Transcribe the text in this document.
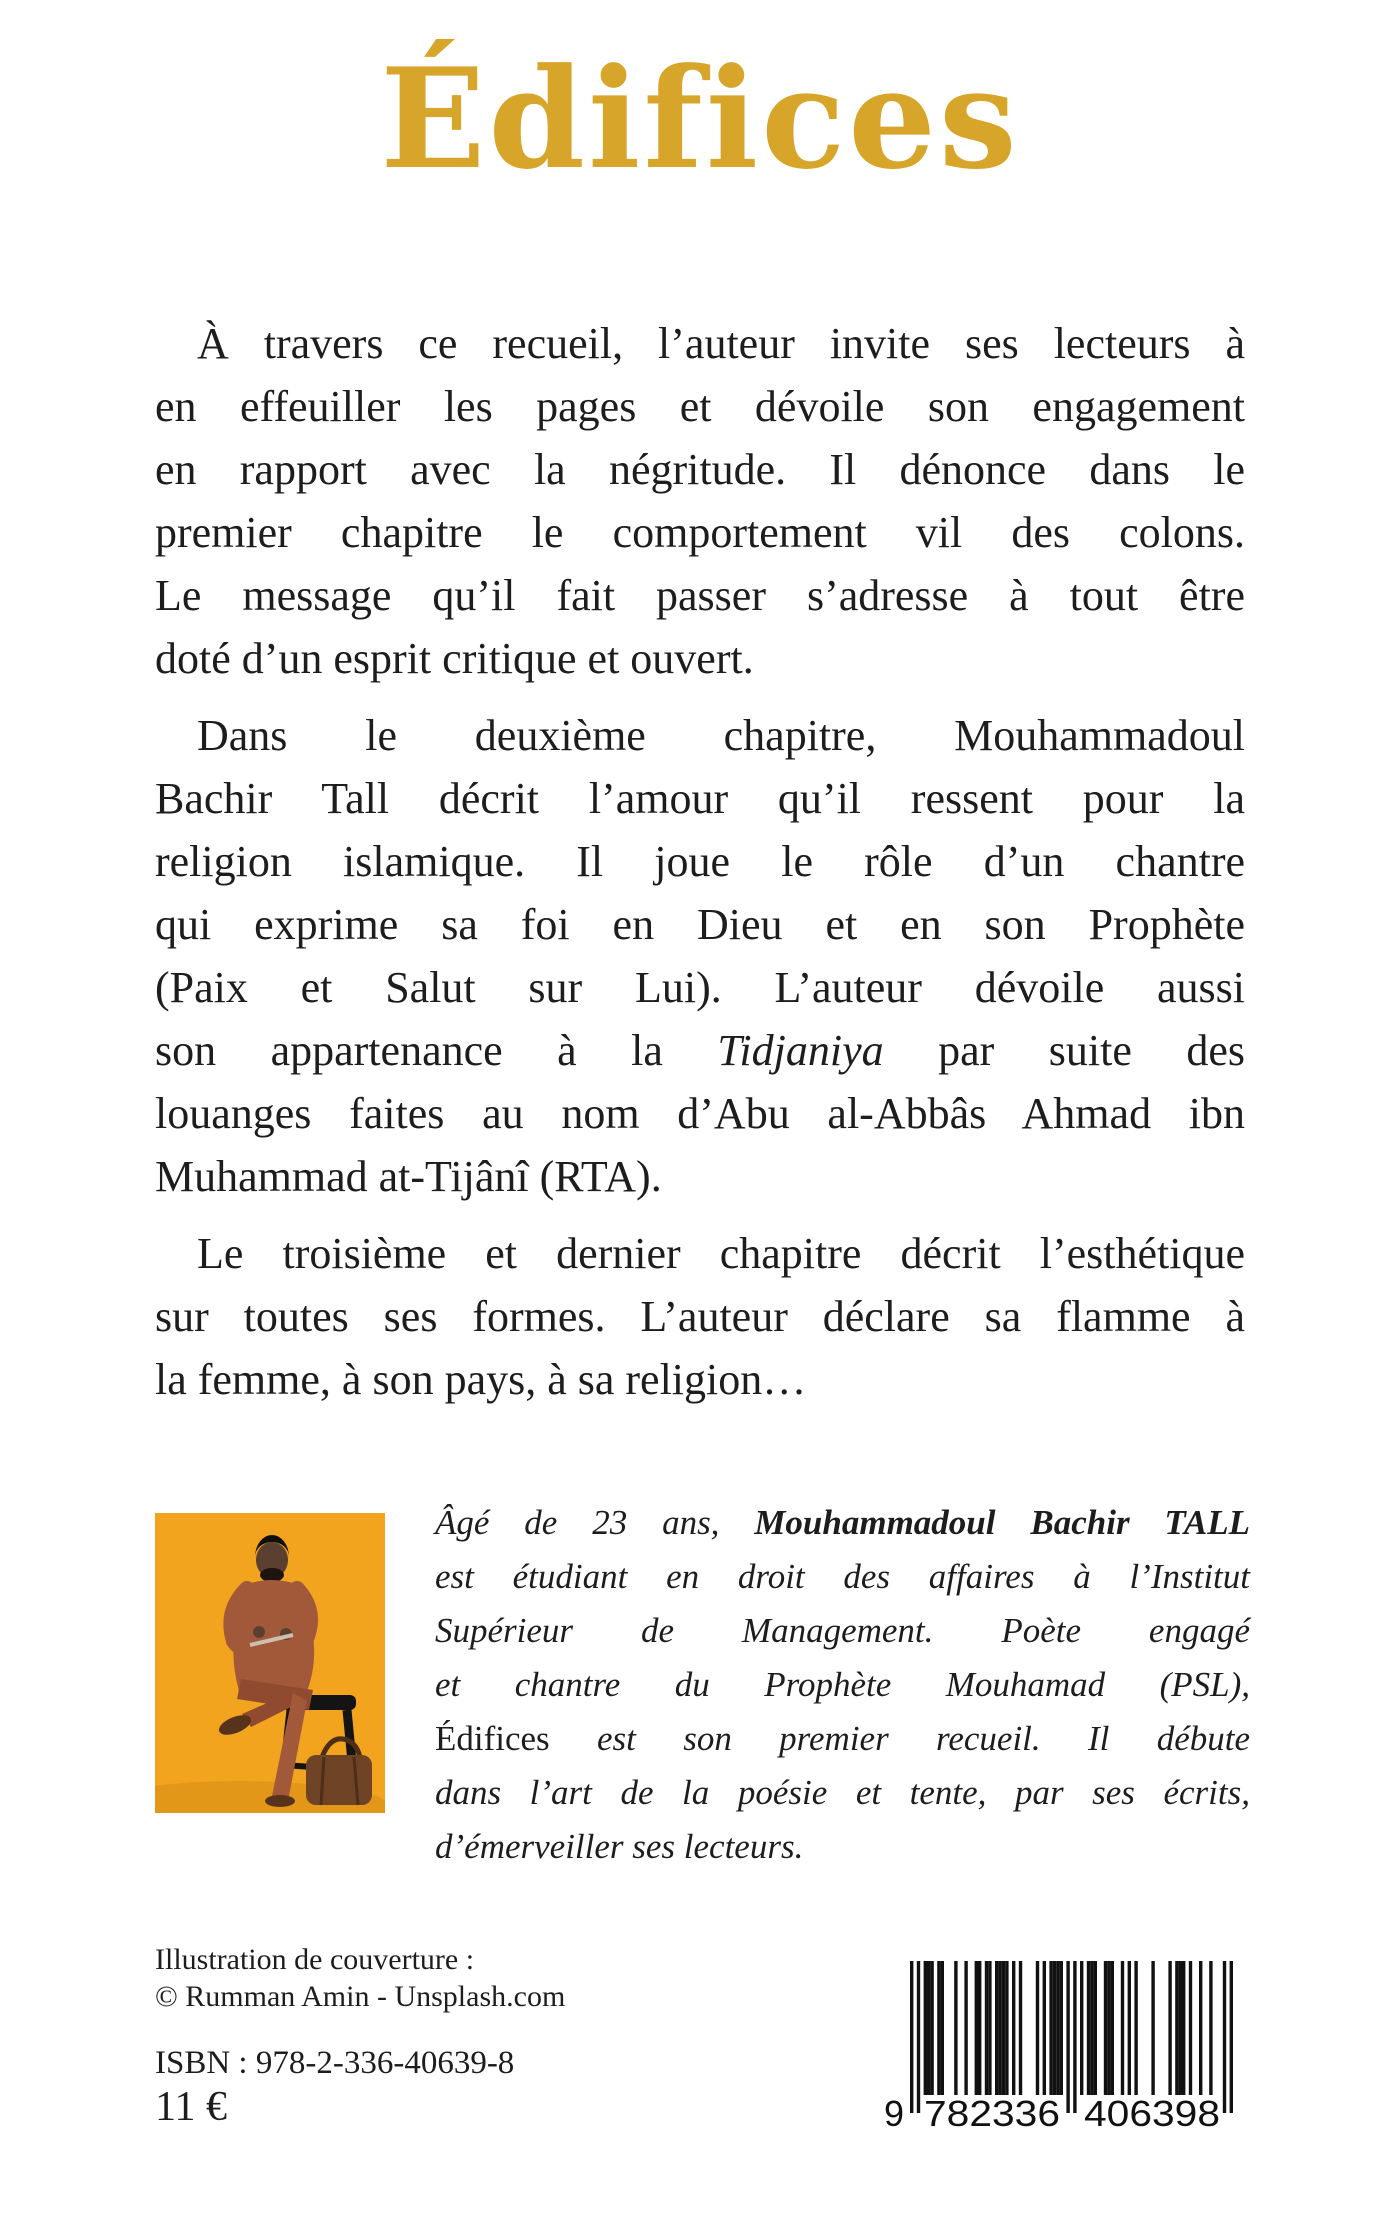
Édifices
À travers ce recueil, l’auteur invite ses lecteurs à
en effeuiller les pages et dévoile son engagement
en rapport avec la négritude. Il dénonce dans le
premier chapitre le comportement vil des colons.
Le message qu’il fait passer s’adresse à tout être
doté d’un esprit critique et ouvert.
Dans le deuxième chapitre, Mouhammadoul
Bachir Tall décrit l’amour qu’il ressent pour la
religion islamique. Il joue le rôle d’un chantre
qui exprime sa foi en Dieu et en son Prophète
(Paix et Salut sur Lui). L’auteur dévoile aussi
son appartenance à la Tidjaniya par suite des
louanges faites au nom d’Abu al-Abbâs Ahmad ibn
Muhammad at-Tijânî (RTA).
Le troisième et dernier chapitre décrit l’esthétique
sur toutes ses formes. L’auteur déclare sa flamme à
la femme, à son pays, à sa religion…
Âgé de 23 ans, Mouhammadoul Bachir TALL
est étudiant en droit des affaires à l’Institut
Supérieur de Management. Poète engagé
et chantre du Prophète Mouhamad (PSL),
Édifices est son premier recueil. Il débute
dans l’art de la poésie et tente, par ses écrits,
d’émerveiller ses lecteurs.
Illustration de couverture :
© Rumman Amin - Unsplash.com
ISBN : 978-2-336-40639-8
11 €	9 782336 406398
